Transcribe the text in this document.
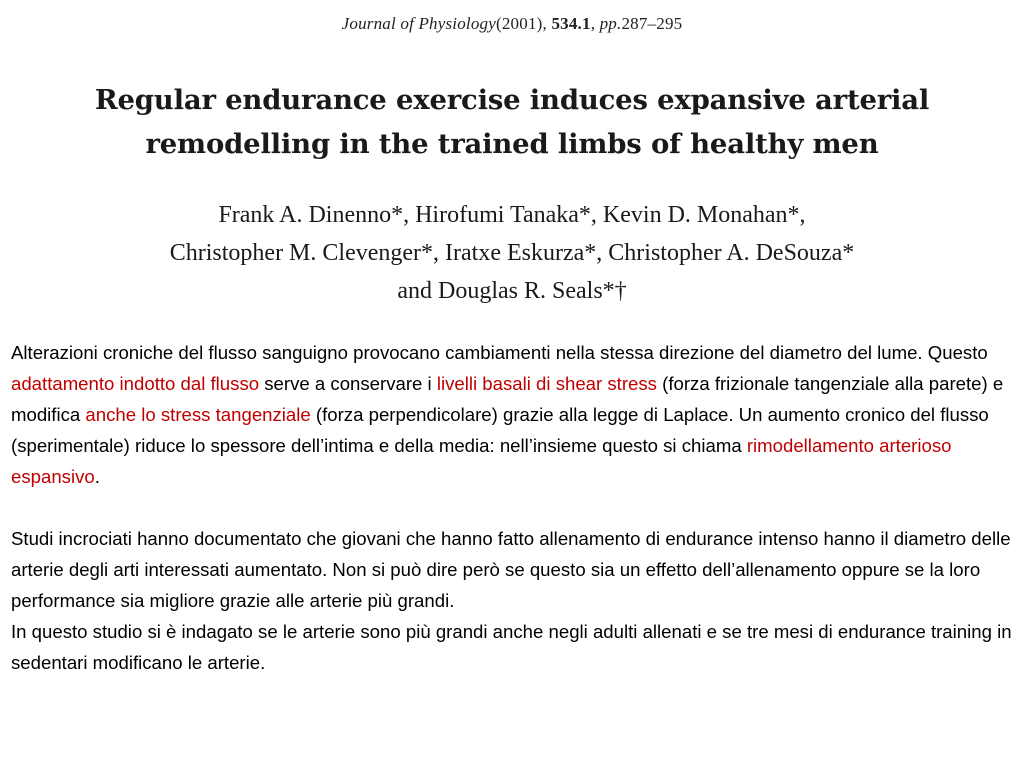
Journal of Physiology(2001), 534.1, pp.287–295
Regular endurance exercise induces expansive arterial
remodelling in the trained limbs of healthy men
Frank A. Dinenno*, Hirofumi Tanaka*, Kevin D. Monahan*,
Christopher M. Clevenger*, Iratxe Eskurza*, Christopher A. DeSouza*
and Douglas R. Seals*†

Alterazioni croniche del flusso sanguigno provocano cambiamenti nella stessa direzione del diametro del lume. Questo adattamento indotto dal flusso serve a conservare i livelli basali di shear stress (forza frizionale tangenziale alla parete) e modifica anche lo stress tangenziale (forza perpendicolare) grazie alla legge di Laplace. Un aumento cronico del flusso (sperimentale) riduce lo spessore dell’intima e della media: nell’insieme questo si chiama rimodellamento arterioso espansivo.

Studi incrociati hanno documentato che giovani che hanno fatto allenamento di endurance intenso hanno il diametro delle arterie degli arti interessati aumentato. Non si può dire però se questo sia un effetto dell’allenamento oppure se la loro performance sia migliore grazie alle arterie più grandi.

In questo studio si è indagato se le arterie sono più grandi anche negli adulti allenati e se tre mesi di endurance training in sedentari modificano le arterie.
